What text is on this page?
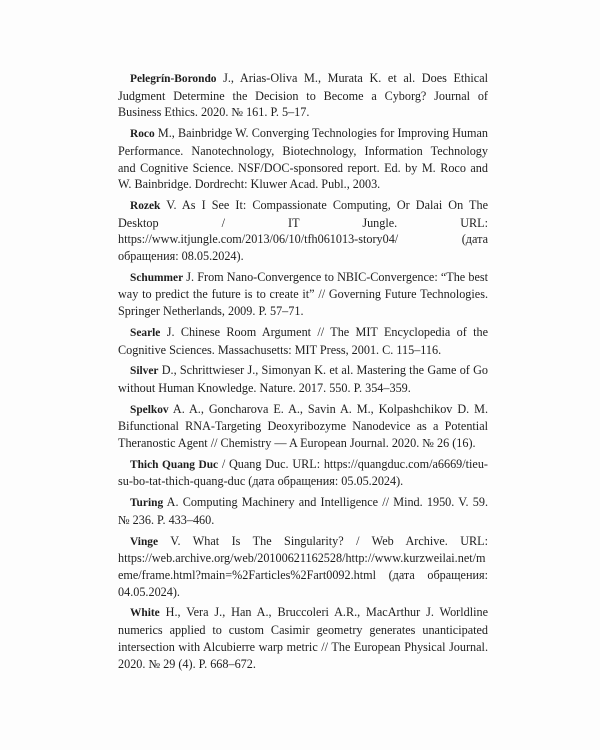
Pelegrín-Borondo J., Arias-Oliva M., Murata K. et al. Does Ethical Judgment Determine the Decision to Become a Cyborg? Journal of Business Ethics. 2020. № 161. P. 5–17.

Roco M., Bainbridge W. Converging Technologies for Improving Human Performance. Nanotechnology, Biotechnology, Information Technology and Cognitive Science. NSF/DOC-sponsored report. Ed. by M. Roco and W. Bainbridge. Dordrecht: Kluwer Acad. Publ., 2003.

Rozek V. As I See It: Compassionate Computing, Or Dalai On The Desktop / IT Jungle. URL: https://www.itjungle.com/2013/06/10/tfh061013-story04/ (дата обращения: 08.05.2024).

Schummer J. From Nano-Convergence to NBIC-Convergence: “The best way to predict the future is to create it” // Governing Future Technologies. Springer Netherlands, 2009. P. 57–71.

Searle J. Chinese Room Argument // The MIT Encyclopedia of the Cognitive Sciences. Massachusetts: MIT Press, 2001. C. 115–116.

Silver D., Schrittwieser J., Simonyan K. et al. Mastering the Game of Go without Human Knowledge. Nature. 2017. 550. P. 354–359.

Spelkov A. A., Goncharova E. A., Savin A. M., Kolpashchikov D. M. Bifunctional RNA-Targeting Deoxyribozyme Nanodevice as a Potential Theranostic Agent // Chemistry — A European Journal. 2020. № 26 (16).

Thich Quang Duc / Quang Duc. URL: https://quangduc.com/a6669/tieu-su-bo-tat-thich-quang-duc (дата обращения: 05.05.2024).

Turing A. Computing Machinery and Intelligence // Mind. 1950. V. 59. № 236. P. 433–460.

Vinge V. What Is The Singularity? / Web Archive. URL: https://web.archive.org/web/20100621162528/http://www.kurzweilai.net/meme/frame.html?main=%2Farticles%2Fart0092.html (дата обращения: 04.05.2024).

White H., Vera J., Han A., Bruccoleri A.R., MacArthur J. Worldline numerics applied to custom Casimir geometry generates unanticipated intersection with Alcubierre warp metric // The European Physical Journal. 2020. № 29 (4). P. 668–672.
